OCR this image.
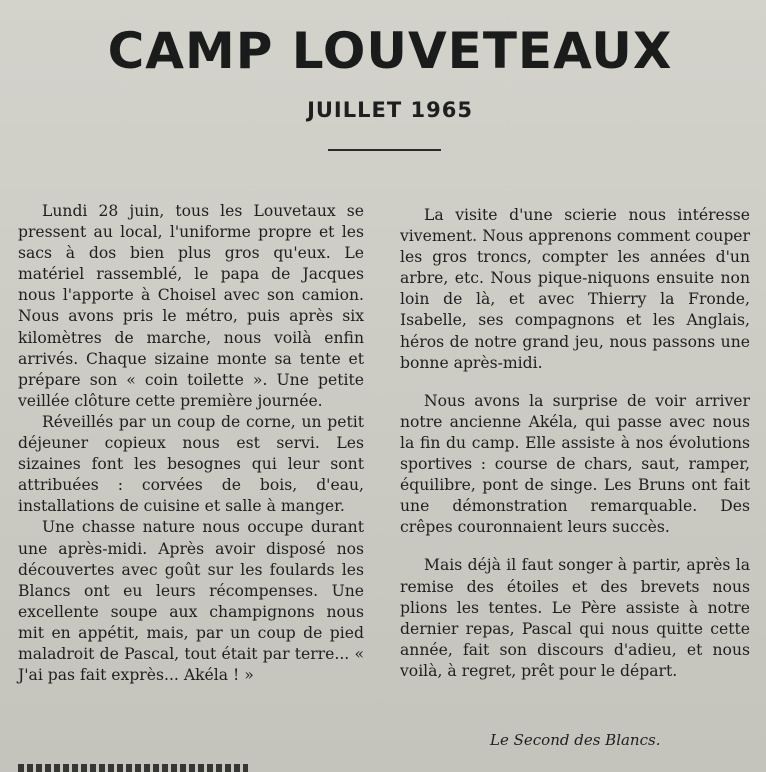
CAMP LOUVETEAUX
JUILLET 1965

Lundi 28 juin, tous les Louvetaux se pressent au local, l'uniforme propre et les sacs à dos bien plus gros qu'eux. Le matériel rassemblé, le papa de Jacques nous l'apporte à Choisel avec son camion. Nous avons pris le métro, puis après six kilomètres de marche, nous voilà enfin arrivés. Chaque sizaine monte sa tente et prépare son « coin toilette ». Une petite veillée clôture cette première journée.

Réveillés par un coup de corne, un petit déjeuner copieux nous est servi. Les sizaines font les besognes qui leur sont attribuées : corvées de bois, d'eau, installations de cuisine et salle à manger.

Une chasse nature nous occupe durant une après-midi. Après avoir disposé nos découvertes avec goût sur les foulards les Blancs ont eu leurs récompenses. Une excellente soupe aux champignons nous mit en appétit, mais, par un coup de pied maladroit de Pascal, tout était par terre... « J'ai pas fait exprès... Akéla ! »

La visite d'une scierie nous intéresse vivement. Nous apprenons comment couper les gros troncs, compter les années d'un arbre, etc. Nous pique-niquons ensuite non loin de là, et avec Thierry la Fronde, Isabelle, ses compagnons et les Anglais, héros de notre grand jeu, nous passons une bonne après-midi.

Nous avons la surprise de voir arriver notre ancienne Akéla, qui passe avec nous la fin du camp. Elle assiste à nos évolutions sportives : course de chars, saut, ramper, équilibre, pont de singe. Les Bruns ont fait une démonstration remarquable. Des crêpes couronnaient leurs succès.

Mais déjà il faut songer à partir, après la remise des étoiles et des brevets nous plions les tentes. Le Père assiste à notre dernier repas, Pascal qui nous quitte cette année, fait son discours d'adieu, et nous voilà, à regret, prêt pour le départ.

Le Second des Blancs.
